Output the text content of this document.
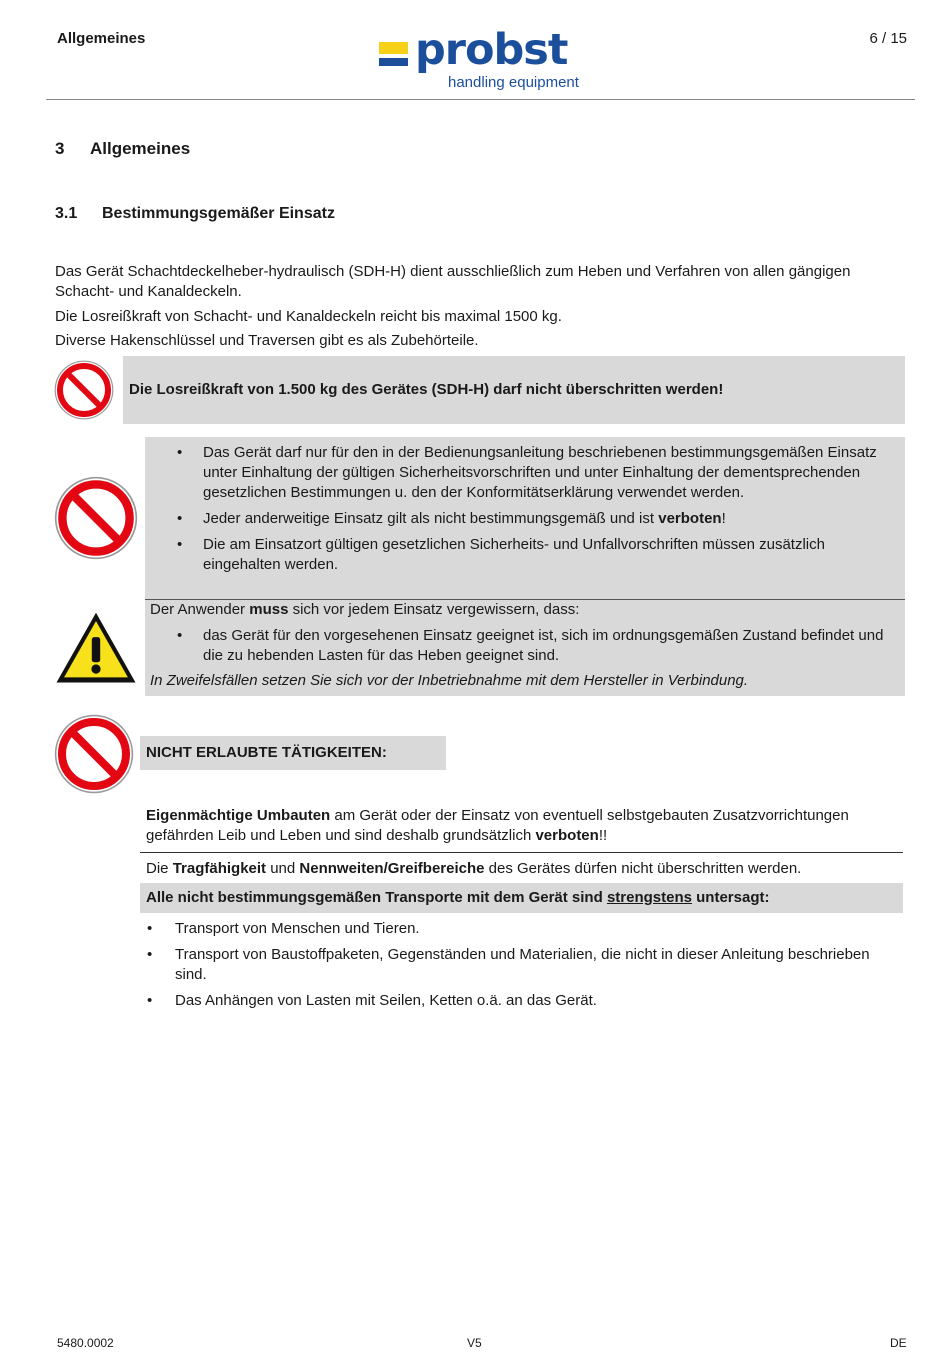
Allgemeines	6 / 15
probst
handling equipment
3 Allgemeines
3.1 Bestimmungsgemäßer Einsatz
Das Gerät Schachtdeckelheber-hydraulisch (SDH-H) dient ausschließlich zum Heben und Verfahren von allen gängigen Schacht- und Kanaldeckeln.
Die Losreißkraft von Schacht- und Kanaldeckeln reicht bis maximal 1500 kg.
Diverse Hakenschlüssel und Traversen gibt es als Zubehörteile.
Die Losreißkraft von 1.500 kg des Gerätes (SDH-H) darf nicht überschritten werden!
• Das Gerät darf nur für den in der Bedienungsanleitung beschriebenen bestimmungsgemäßen Einsatz unter Einhaltung der gültigen Sicherheitsvorschriften und unter Einhaltung der dementsprechenden gesetzlichen Bestimmungen u. den der Konformitätserklärung verwendet werden.
• Jeder anderweitige Einsatz gilt als nicht bestimmungsgemäß und ist verboten!
• Die am Einsatzort gültigen gesetzlichen Sicherheits- und Unfallvorschriften müssen zusätzlich eingehalten werden.
Der Anwender muss sich vor jedem Einsatz vergewissern, dass:
• das Gerät für den vorgesehenen Einsatz geeignet ist, sich im ordnungsgemäßen Zustand befindet und die zu hebenden Lasten für das Heben geeignet sind.
In Zweifelsfällen setzen Sie sich vor der Inbetriebnahme mit dem Hersteller in Verbindung.
NICHT ERLAUBTE TÄTIGKEITEN:
Eigenmächtige Umbauten am Gerät oder der Einsatz von eventuell selbstgebauten Zusatzvorrichtungen gefährden Leib und Leben und sind deshalb grundsätzlich verboten!!
Die Tragfähigkeit und Nennweiten/Greifbereiche des Gerätes dürfen nicht überschritten werden.
Alle nicht bestimmungsgemäßen Transporte mit dem Gerät sind strengstens untersagt:
• Transport von Menschen und Tieren.
• Transport von Baustoffpaketen, Gegenständen und Materialien, die nicht in dieser Anleitung beschrieben sind.
• Das Anhängen von Lasten mit Seilen, Ketten o.ä. an das Gerät.
5480.0002	V5	DE
